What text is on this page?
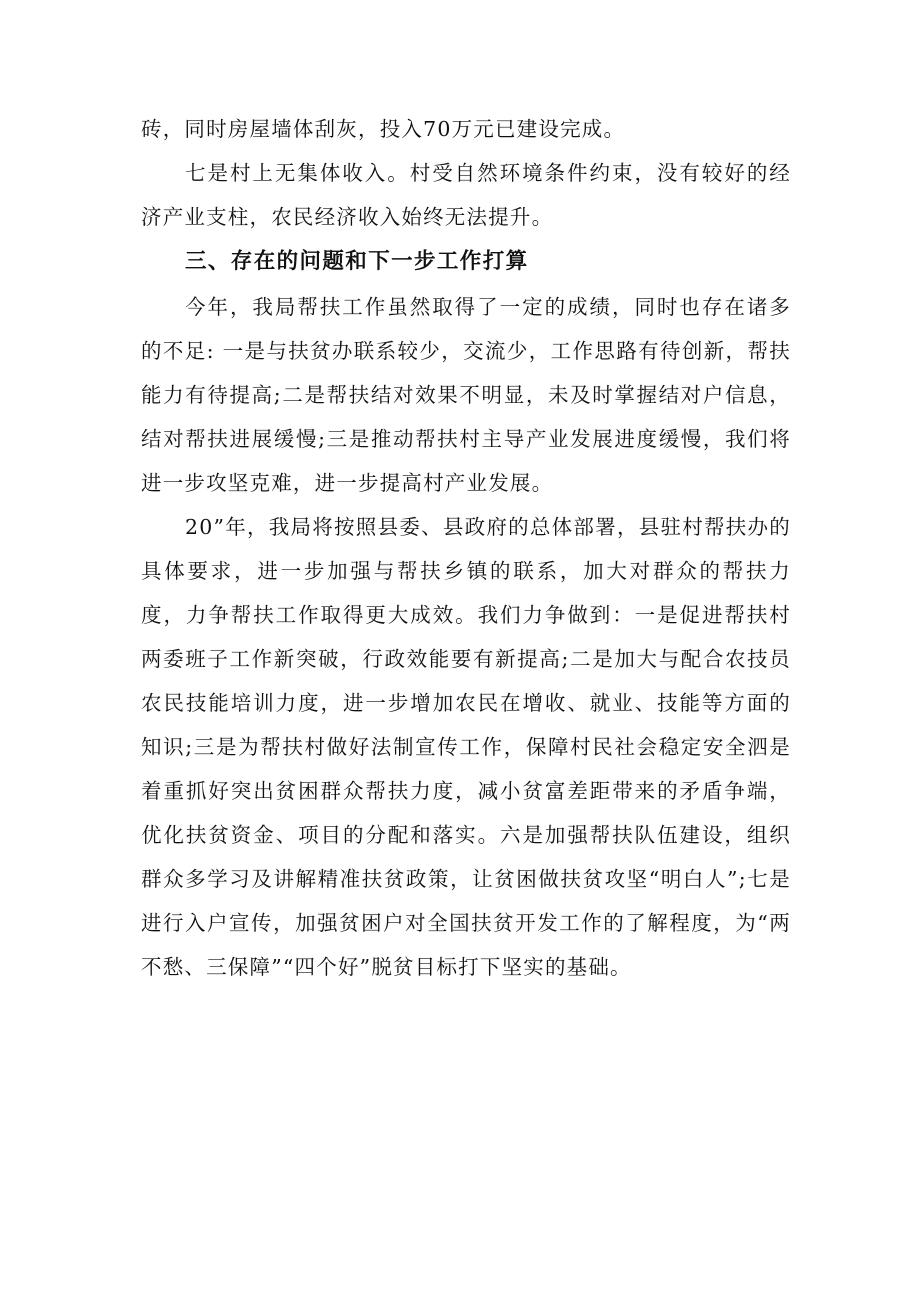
砖，同时房屋墙体刮灰，投入70万元已建设完成。

七是村上无集体收入。村受自然环境条件约束，没有较好的经济产业支柱，农民经济收入始终无法提升。

三、存在的问题和下一步工作打算

今年，我局帮扶工作虽然取得了一定的成绩，同时也存在诸多的不足: 一是与扶贫办联系较少，交流少，工作思路有待创新，帮扶能力有待提高;二是帮扶结对效果不明显，未及时掌握结对户信息，结对帮扶进展缓慢;三是推动帮扶村主导产业发展进度缓慢，我们将进一步攻坚克难，进一步提高村产业发展。

20”年，我局将按照县委、县政府的总体部署，县驻村帮扶办的具体要求，进一步加强与帮扶乡镇的联系，加大对群众的帮扶力度，力争帮扶工作取得更大成效。我们力争做到：一是促进帮扶村两委班子工作新突破，行政效能要有新提高;二是加大与配合农技员农民技能培训力度，进一步增加农民在增收、就业、技能等方面的知识;三是为帮扶村做好法制宣传工作，保障村民社会稳定安全泗是着重抓好突出贫困群众帮扶力度，减小贫富差距带来的矛盾争端，优化扶贫资金、项目的分配和落实。六是加强帮扶队伍建设，组织群众多学习及讲解精准扶贫政策，让贫困做扶贫攻坚“明白人”;七是进行入户宣传，加强贫困户对全国扶贫开发工作的了解程度，为“两不愁、三保障”“四个好”脱贫目标打下坚实的基础。
